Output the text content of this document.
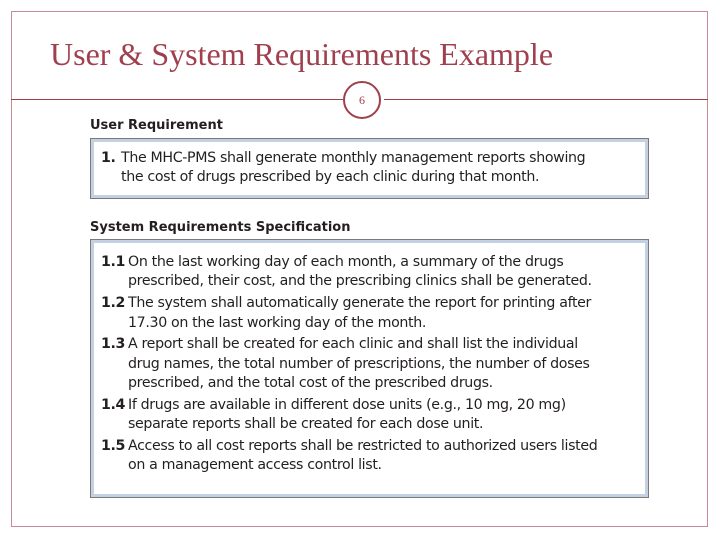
User & System Requirements Example
6
User Requirement
1. The MHC-PMS shall generate monthly management reports showing
the cost of drugs prescribed by each clinic during that month.
System Requirements Specification
1.1 On the last working day of each month, a summary of the drugs
prescribed, their cost, and the prescribing clinics shall be generated.
1.2 The system shall automatically generate the report for printing after
17.30 on the last working day of the month.
1.3 A report shall be created for each clinic and shall list the individual
drug names, the total number of prescriptions, the number of doses
prescribed, and the total cost of the prescribed drugs.
1.4 If drugs are available in different dose units (e.g., 10 mg, 20 mg)
separate reports shall be created for each dose unit.
1.5 Access to all cost reports shall be restricted to authorized users listed
on a management access control list.
